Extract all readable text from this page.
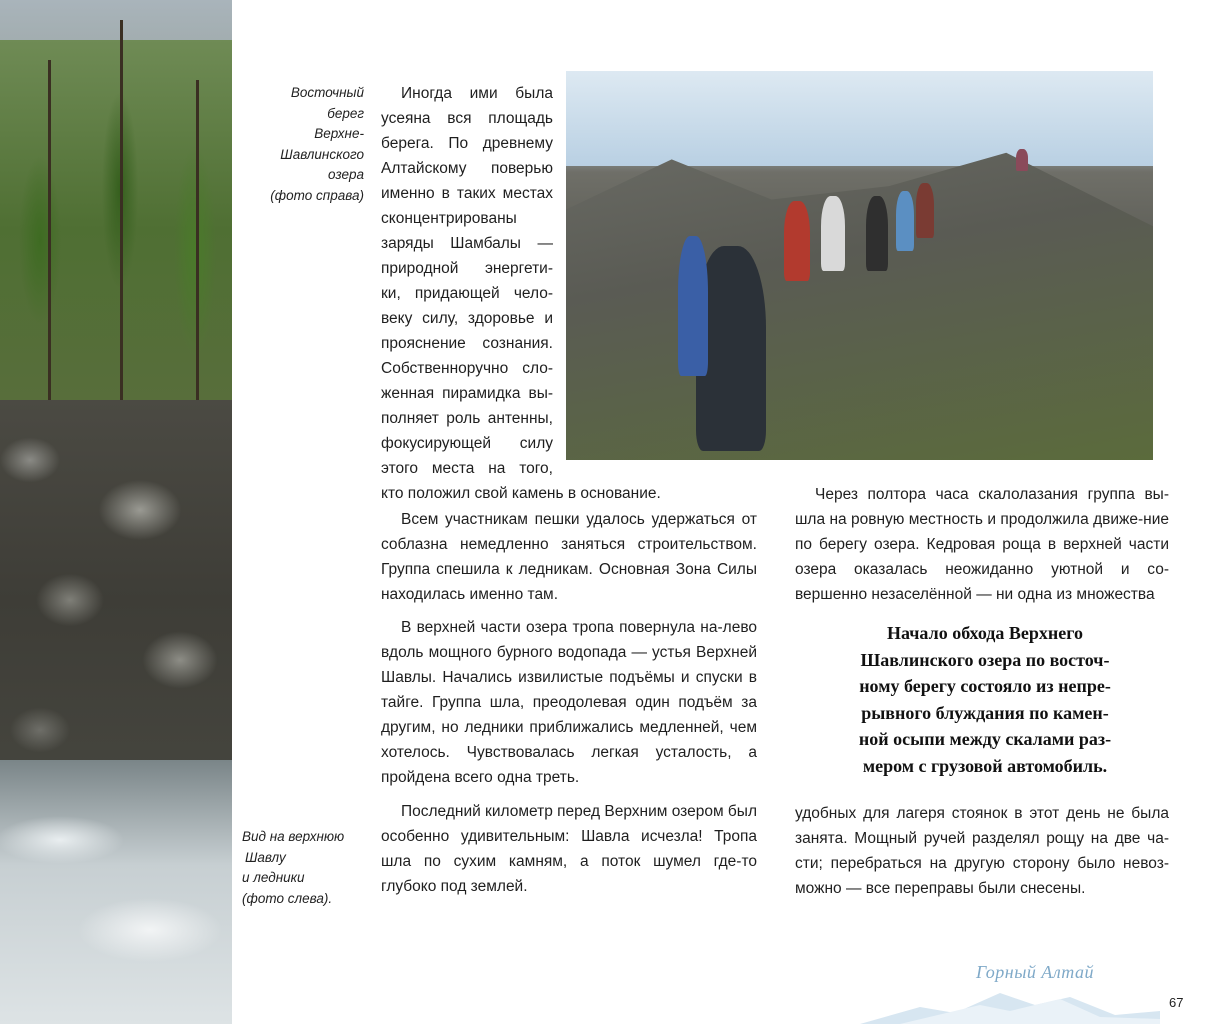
Восточный
берег
Верхне-
Шавлинского
озера
(фото справа)
Вид на верхнюю
Шавлу
и ледники
(фото слева).

Иногда ими была

усеяна вся площадь

берега. По древнему

Алтайскому поверью

именно в таких местах

сконцентрированы

заряды Шамбалы —

природной энергети-

ки, придающей чело-

веку силу, здоровье и

прояснение сознания.

Собственноручно сло-

женная пирамидка вы-

полняет роль антенны,

фокусирующей силу

этого места на того,

кто положил свой камень в основание.
Всем участникам пешки удалось удержаться от соблазна немедленно заняться строительством. Группа спешила к ледникам. Основная Зона Силы находилась именно там.
В верхней части озера тропа повернула на-лево вдоль мощного бурного водопада — устья Верхней Шавлы. Начались извилистые подъёмы и спуски в тайге. Группа шла, преодолевая один подъём за другим, но ледники приближались медленней, чем хотелось. Чувствовалась легкая усталость, а пройдена всего одна треть.
Последний километр перед Верхним озером был особенно удивительным: Шавла исчезла! Тропа шла по сухим камням, а поток шумел где-то глубоко под землей.
Через полтора часа скалолазания группа вы-шла на ровную местность и продолжила движе-ние по берегу озера. Кедровая роща в верхней части озера оказалась неожиданно уютной и со-вершенно незаселённой — ни одна из множества
Начало обхода Верхнего
Шавлинского озера по восточ-
ному берегу состояло из непре-
рывного блуждания по камен-
ной осыпи между скалами раз-
мером с грузовой автомобиль.
удобных для лагеря стоянок в этот день не была занята. Мощный ручей разделял рощу на две ча-сти; перебраться на другую сторону было невоз-можно — все переправы были снесены.
Горный Алтай
67
